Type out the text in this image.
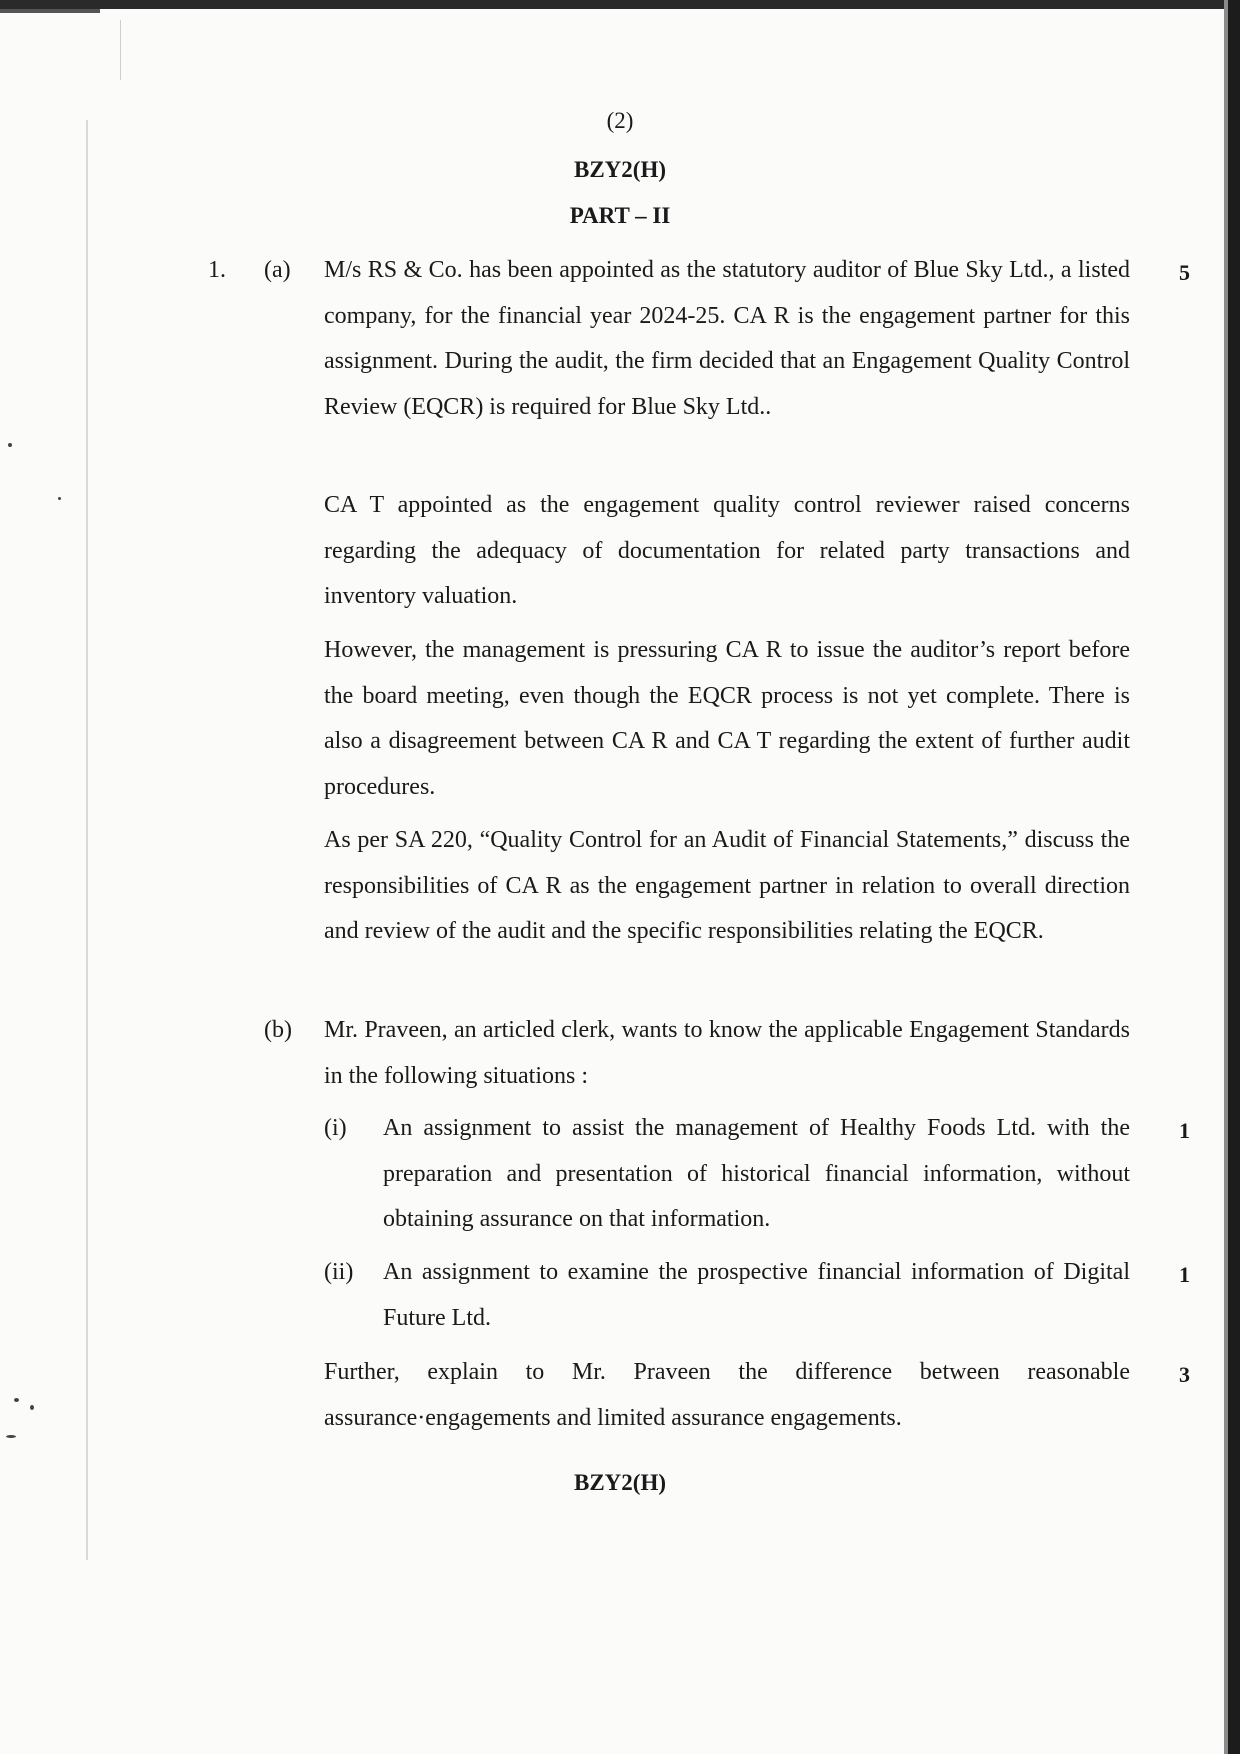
(2)
BZY2(H)
PART – II
1. (a)	5

M/s RS & Co. has been appointed as the statutory auditor of Blue Sky Ltd., a listed company, for the financial year 2024-25. CA R is the engagement partner for this assignment. During the audit, the firm decided that an Engagement Quality Control Review (EQCR) is required for Blue Sky Ltd..

CA T appointed as the engagement quality control reviewer raised concerns regarding the adequacy of documentation for related party transactions and inventory valuation.

However, the management is pressuring CA R to issue the auditor’s report before the board meeting, even though the EQCR process is not yet complete. There is also a disagreement between CA R and CA T regarding the extent of further audit procedures.

As per SA 220, “Quality Control for an Audit of Financial Statements,” discuss the responsibilities of CA R as the engagement partner in relation to overall direction and review of the audit and the specific responsibilities relating the EQCR.

(b) Mr. Praveen, an articled clerk, wants to know the applicable Engagement Standards in the following situations :

(i) An assignment to assist the management of Healthy Foods Ltd. with the preparation and presentation of historical financial information, without obtaining assurance on that information.

1
(ii) An assignment to examine the prospective financial information of Digital Future Ltd.

1

Further, explain to Mr. Praveen the difference between reasonable assurance·engagements and limited assurance engagements.

3
BZY2(H)
